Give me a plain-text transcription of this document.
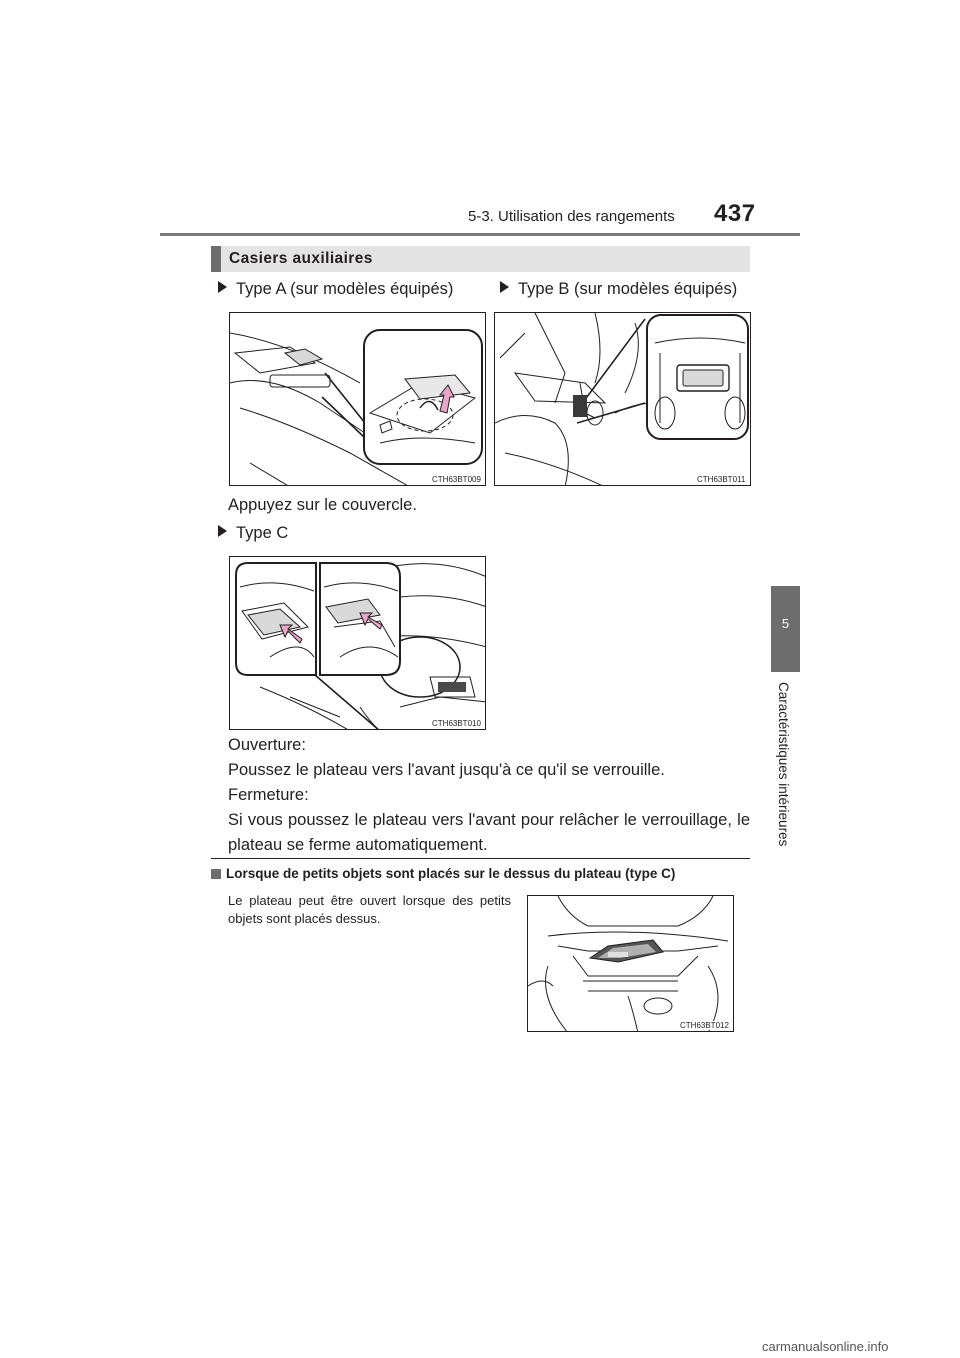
5-3. Utilisation des rangements 437
5
Caractéristiques intérieures
Casiers auxiliaires
Type A (sur modèles équipés)	Type B (sur modèles équipés)
CTH63BT009	CTH63BT011
Appuyez sur le couvercle.
Type C
CTH63BT010
Ouverture:
Poussez le plateau vers l'avant jusqu'à ce qu'il se verrouille.
Fermeture:
Si vous poussez le plateau vers l'avant pour relâcher le verrouillage, le plateau se ferme automatiquement.
Lorsque de petits objets sont placés sur le dessus du plateau (type C)
Le plateau peut être ouvert lorsque des petits objets sont placés dessus.
CTH63BT012
carmanualsonline.info
